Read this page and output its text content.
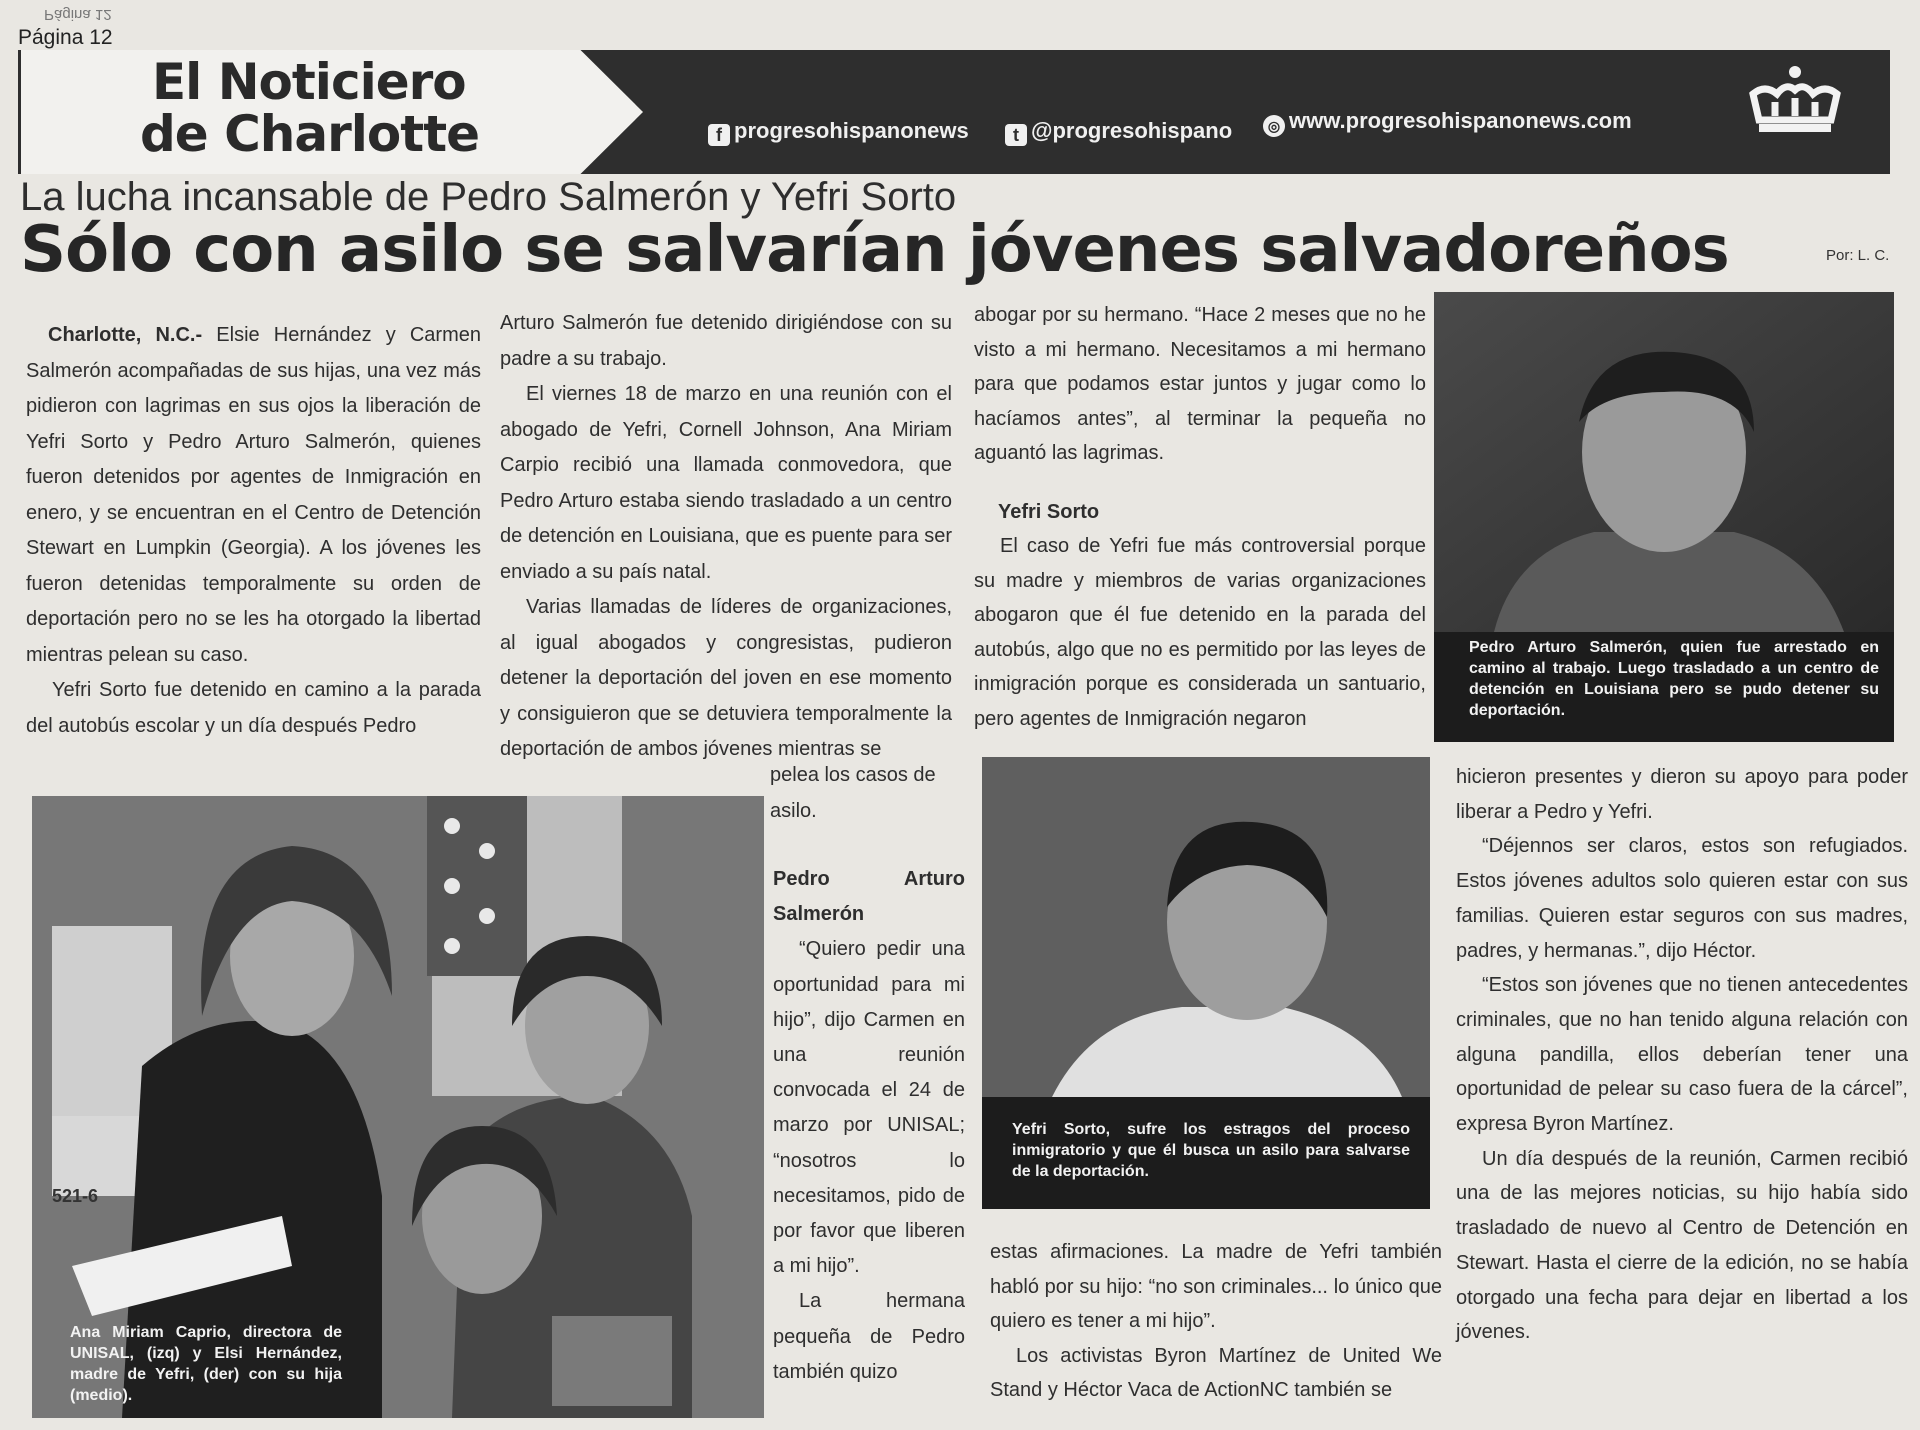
Página 12
Página 12
El Noticiero
de Charlotte	f progresohispanonews	t @progresohispano	◎ www.progresohispanonews.com
La lucha incansable de Pedro Salmerón y Yefri Sorto
Sólo con asilo se salvarían jóvenes salvadoreños	Por: L. C.

Charlotte, N.C.- Elsie Hernández y Carmen Salmerón acompañadas de sus hijas, una vez más pidieron con lagrimas en sus ojos la liberación de Yefri Sorto y Pedro Arturo Salmerón, quienes fueron detenidos por agentes de Inmigración en enero, y se encuentran en el Centro de Detención Stewart en Lumpkin (Georgia). A los jóvenes les fueron detenidas temporalmente su orden de deportación pero no se les ha otorgado la libertad mientras pelean su caso.

Yefri Sorto fue detenido en camino a la parada del autobús escolar y un día después Pedro

Arturo Salmerón fue detenido dirigiéndose con su padre a su trabajo.

El viernes 18 de marzo en una reunión con el abogado de Yefri, Cornell Johnson, Ana Miriam Carpio recibió una llamada conmovedora, que Pedro Arturo estaba siendo trasladado a un centro de detención en Louisiana, que es puente para ser enviado a su país natal.

Varias llamadas de líderes de organizaciones, al igual abogados y congresistas, pudieron detener la deportación del joven en ese momento y consiguieron que se detuviera temporalmente la deportación de ambos jóvenes mientras se

pelea los casos de asilo.

Pedro Arturo Salmerón

“Quiero pedir una oportunidad para mi hijo”, dijo Carmen en una reunión convocada el 24 de marzo por UNISAL; “nosotros lo necesitamos, pido de por favor que liberen a mi hijo”.

La hermana pequeña de Pedro también quizo

abogar por su hermano. “Hace 2 meses que no he visto a mi hermano. Necesitamos a mi hermano para que podamos estar juntos y jugar como lo hacíamos antes”, al terminar la pequeña no aguantó las lagrimas.

Yefri Sorto

El caso de Yefri fue más controversial porque su madre y miembros de varias organizaciones abogaron que él fue detenido en la parada del autobús, algo que no es permitido por las leyes de inmigración porque es considerada un santuario, pero agentes de Inmigración negaron

estas afirmaciones. La madre de Yefri también habló por su hijo: “no son criminales... lo único que quiero es tener a mi hijo”.

Los activistas Byron Martínez de United We Stand y Héctor Vaca de ActionNC también se

hicieron presentes y dieron su apoyo para poder liberar a Pedro y Yefri.

“Déjennos ser claros, estos son refugiados. Estos jóvenes adultos solo quieren estar con sus familias. Quieren estar seguros con sus madres, padres, y hermanas.”, dijo Héctor.

“Estos son jóvenes que no tienen antecedentes criminales, que no han tenido alguna relación con alguna pandilla, ellos deberían tener una oportunidad de pelear su caso fuera de la cárcel”, expresa Byron Martínez.

Un día después de la reunión, Carmen recibió una de las mejores noticias, su hijo había sido trasladado de nuevo al Centro de Detención en Stewart. Hasta el cierre de la edición, no se había otorgado una fecha para dejar en libertad a los jóvenes.

Pedro Arturo Salmerón, quien fue arrestado en camino al trabajo. Luego trasladado a un centro de detención en Louisiana pero se pudo detener su deportación.
Yefri Sorto, sufre los estragos del proceso inmigratorio y que él busca un asilo para salvarse de la deportación.
521-6
Ana Miriam Caprio, directora de UNISAL, (izq) y Elsi Hernández, madre de Yefri, (der) con su hija (medio).
